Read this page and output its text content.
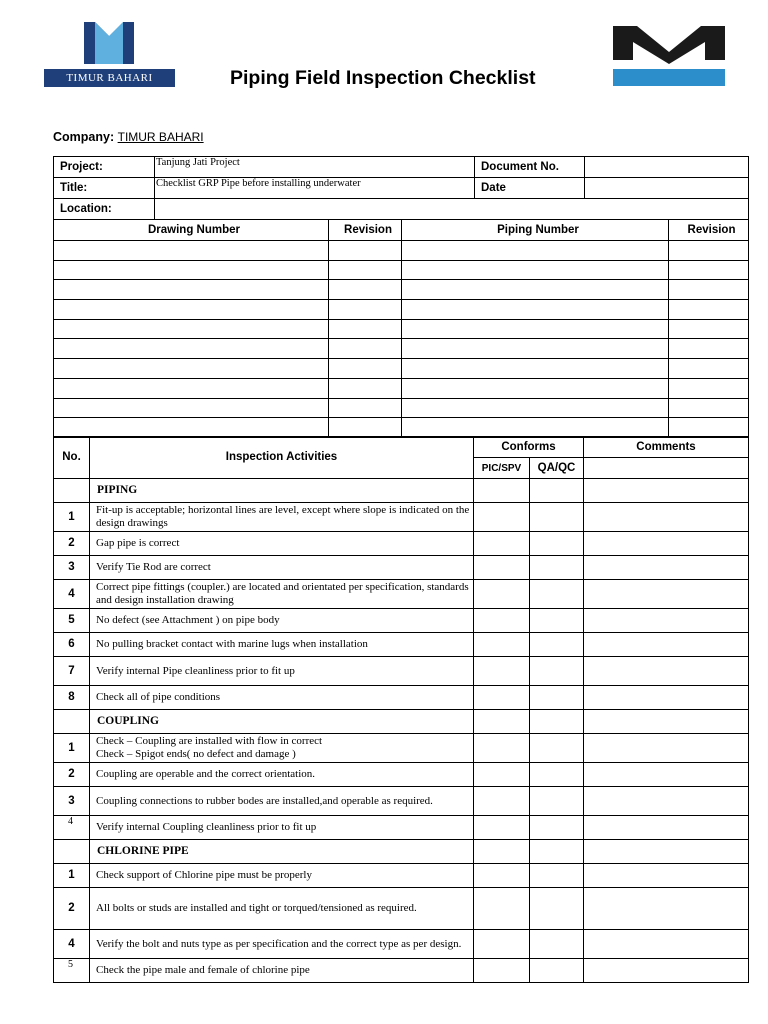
TIMUR BAHARI	Piping Field Inspection Checklist
Company: TIMUR BAHARI
Project:	Tanjung Jati Project			Document No.		
Title:	Checklist GRP Pipe before installing underwater			Date		
Location:						
Drawing Number		Revision	Piping Number			Revision

No.	Inspection Activities	Conforms		Comments
		PIC/SPV	QA/QC	
	PIPING			
1	Fit-up is acceptable; horizontal lines are level, except where slope is indicated on the design drawings			
2	Gap pipe is correct			
3	Verify Tie Rod are correct			
4	Correct pipe fittings (coupler.) are located and orientated per specification, standards and design installation drawing			
5	No defect (see Attachment ) on pipe body			
6	No pulling bracket contact with marine lugs when installation			
7	Verify internal Pipe cleanliness prior to fit up			
8	Check all of pipe conditions			
	COUPLING			
1	Check – Coupling are installed with flow in correct
Check – Spigot ends( no defect and damage )			
2	Coupling are operable and the correct orientation.			
3	Coupling connections to rubber bodes are installed,and operable as required.			
4	Verify internal Coupling cleanliness prior to fit up			
	CHLORINE PIPE			
1	Check support of Chlorine pipe must be properly			
2	All bolts or studs are installed and tight or torqued/tensioned as required.			
4	Verify the bolt and nuts type as per specification and the correct type as per design.			
5	Check the pipe male and female of chlorine pipe			
